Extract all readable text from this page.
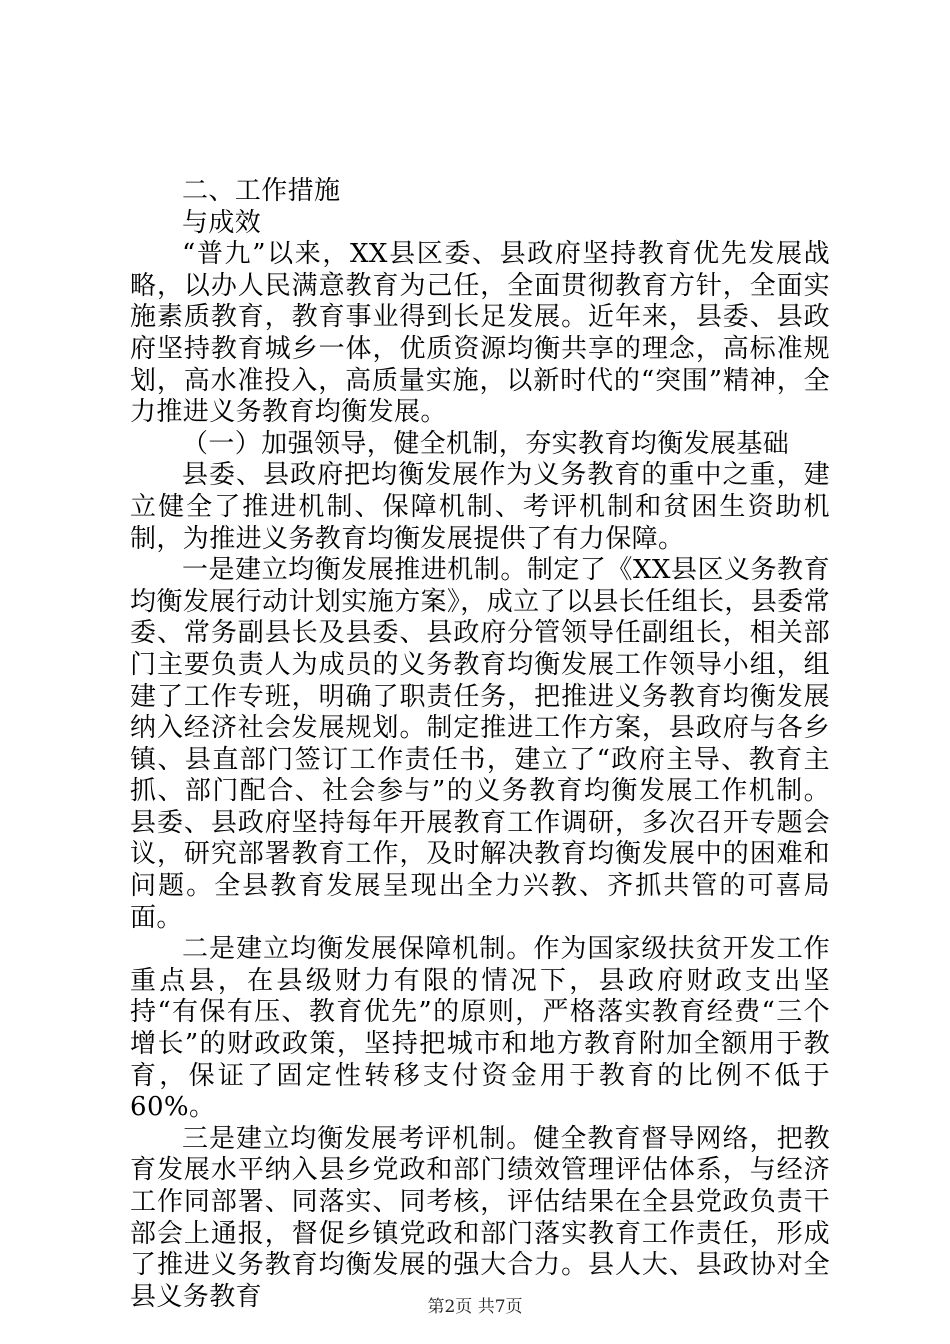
二、工作措施

与成效

“普九”以来，XX县区委、县政府坚持教育优先发展战略，以办人民满意教育为己任，全面贯彻教育方针，全面实施素质教育，教育事业得到长足发展。近年来，县委、县政府坚持教育城乡一体，优质资源均衡共享的理念，高标准规划，高水准投入，高质量实施，以新时代的“突围”精神，全力推进义务教育均衡发展。

（一）加强领导，健全机制，夯实教育均衡发展基础

县委、县政府把均衡发展作为义务教育的重中之重，建立健全了推进机制、保障机制、考评机制和贫困生资助机制，为推进义务教育均衡发展提供了有力保障。

一是建立均衡发展推进机制。制定了《XX县区义务教育均衡发展行动计划实施方案》，成立了以县长任组长，县委常委、常务副县长及县委、县政府分管领导任副组长，相关部门主要负责人为成员的义务教育均衡发展工作领导小组，组建了工作专班，明确了职责任务，把推进义务教育均衡发展纳入经济社会发展规划。制定推进工作方案，县政府与各乡镇、县直部门签订工作责任书，建立了“政府主导、教育主抓、部门配合、社会参与”的义务教育均衡发展工作机制。县委、县政府坚持每年开展教育工作调研，多次召开专题会议，研究部署教育工作，及时解决教育均衡发展中的困难和问题。全县教育发展呈现出全力兴教、齐抓共管的可喜局面。

二是建立均衡发展保障机制。作为国家级扶贫开发工作重点县，在县级财力有限的情况下，县政府财政支出坚持“有保有压、教育优先”的原则，严格落实教育经费“三个增长”的财政政策，坚持把城市和地方教育附加全额用于教育，保证了固定性转移支付资金用于教育的比例不低于60%。

三是建立均衡发展考评机制。健全教育督导网络，把教育发展水平纳入县乡党政和部门绩效管理评估体系，与经济工作同部署、同落实、同考核，评估结果在全县党政负责干部会上通报，督促乡镇党政和部门落实教育工作责任，形成了推进义务教育均衡发展的强大合力。县人大、县政协对全县义务教育	第2页 共7页
